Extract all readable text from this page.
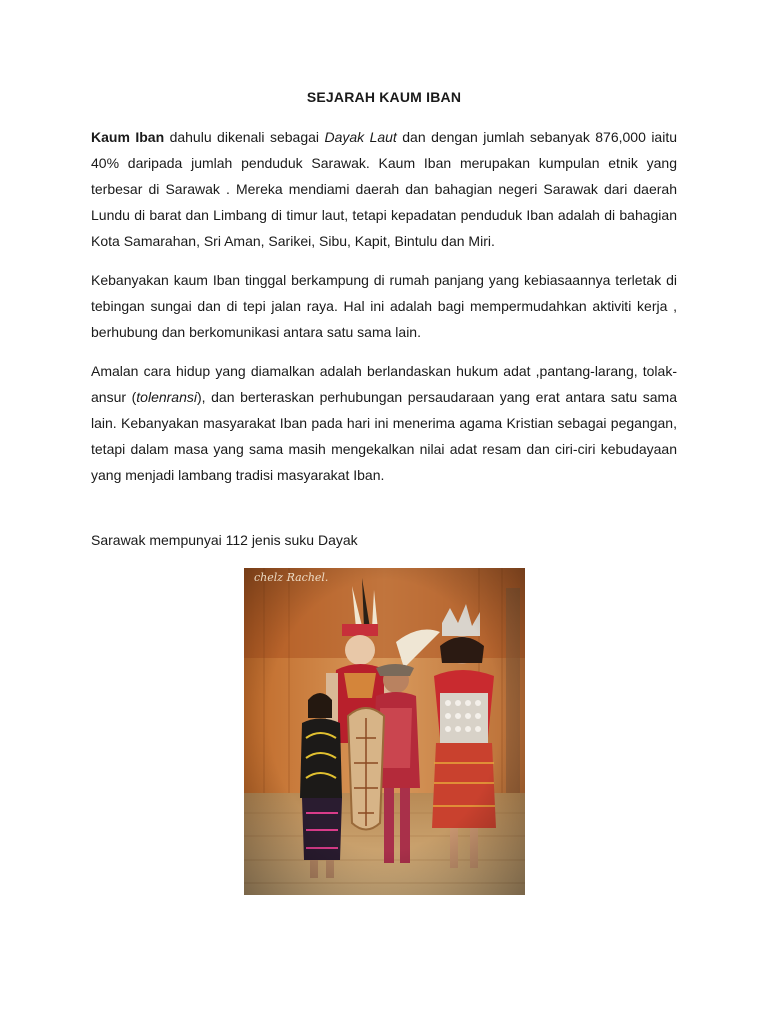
SEJARAH KAUM IBAN

Kaum Iban dahulu dikenali sebagai Dayak Laut dan dengan jumlah sebanyak 876,000 iaitu 40% daripada jumlah penduduk Sarawak. Kaum Iban merupakan kumpulan etnik yang terbesar di Sarawak . Mereka mendiami daerah dan bahagian negeri Sarawak dari daerah Lundu di barat dan Limbang di timur laut, tetapi kepadatan penduduk Iban adalah di bahagian Kota Samarahan, Sri Aman, Sarikei, Sibu, Kapit, Bintulu dan Miri.

Kebanyakan kaum Iban tinggal berkampung di rumah panjang yang kebiasaannya terletak di tebingan sungai dan di tepi jalan raya. Hal ini adalah bagi mempermudahkan aktiviti kerja , berhubung dan berkomunikasi antara satu sama lain.

Amalan cara hidup yang diamalkan adalah berlandaskan hukum adat ,pantang-larang, tolak-ansur (tolenransi), dan berteraskan perhubungan persaudaraan yang erat antara satu sama lain. Kebanyakan masyarakat Iban pada hari ini menerima agama Kristian sebagai pegangan, tetapi dalam masa yang sama masih mengekalkan nilai adat resam dan ciri-ciri kebudayaan yang menjadi lambang tradisi masyarakat Iban.

Sarawak mempunyai 112 jenis suku Dayak

chelz Rachel.
